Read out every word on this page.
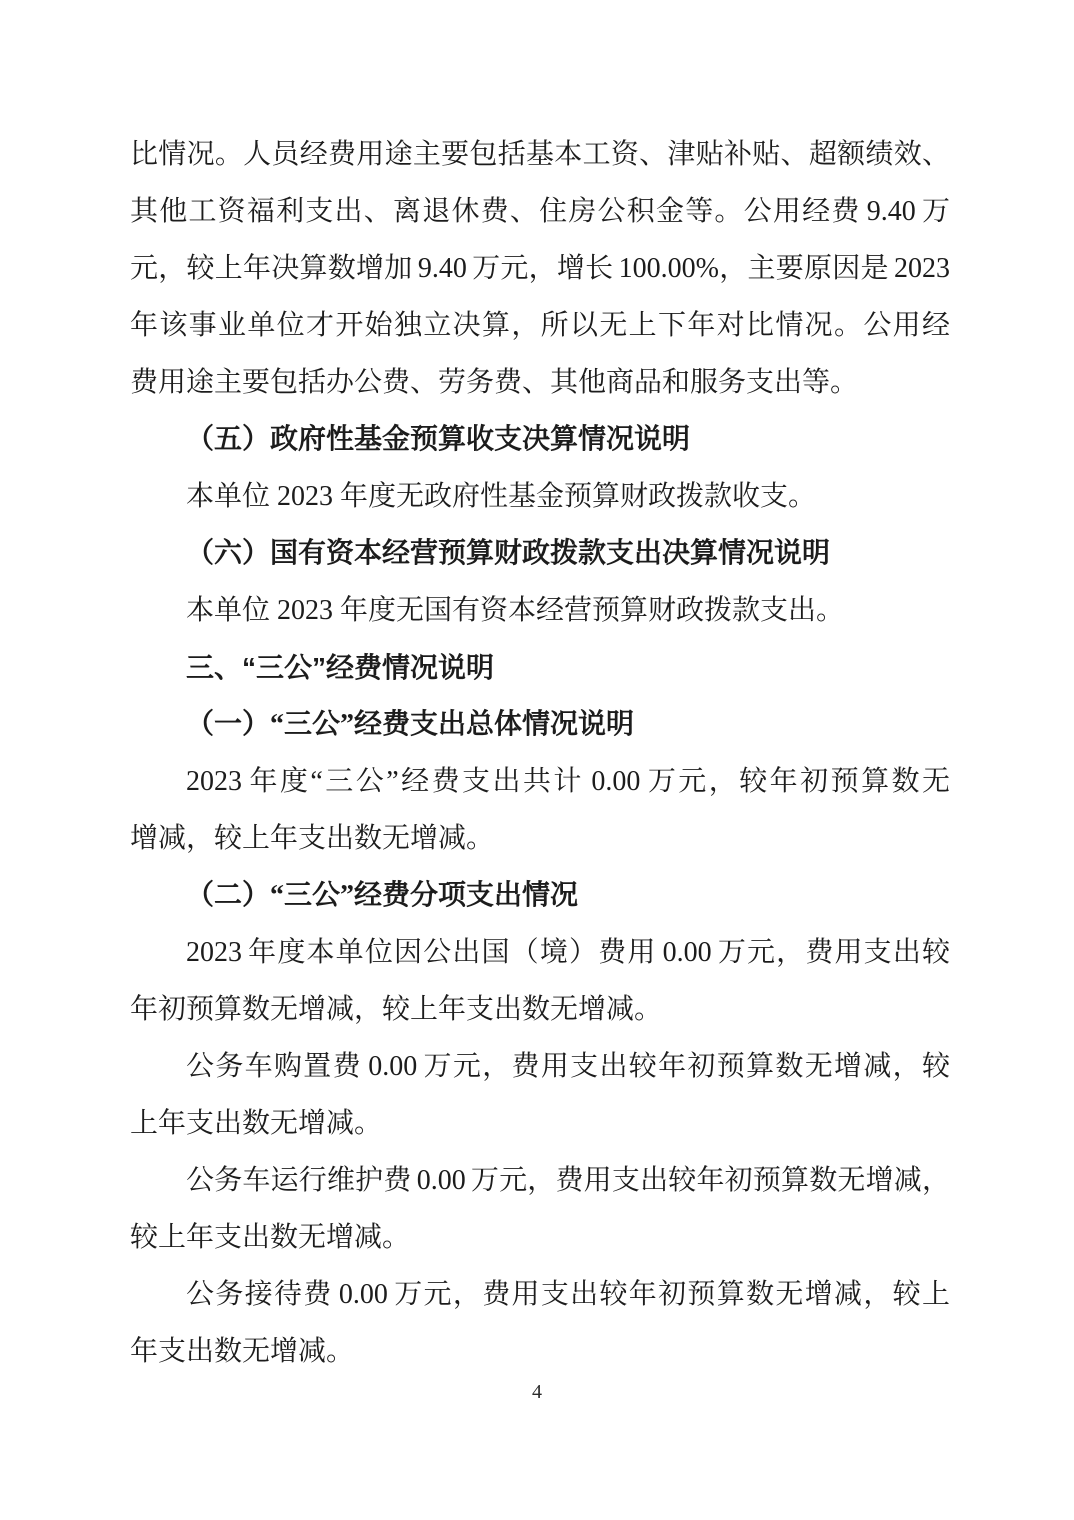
比情况。人员经费用途主要包括基本工资、津贴补贴、超额绩效、
其他工资福利支出、离退休费、住房公积金等。公用经费 9.40 万
元，较上年决算数增加 9.40 万元，增长 100.00%，主要原因是 2023
年该事业单位才开始独立决算，所以无上下年对比情况。公用经
费用途主要包括办公费、劳务费、其他商品和服务支出等。
（五）政府性基金预算收支决算情况说明
本单位 2023 年度无政府性基金预算财政拨款收支。
（六）国有资本经营预算财政拨款支出决算情况说明
本单位 2023 年度无国有资本经营预算财政拨款支出。
三、“三公”经费情况说明
（一）“三公”经费支出总体情况说明
2023 年度“三公”经费支出共计 0.00 万元，较年初预算数无
增减，较上年支出数无增减。
（二）“三公”经费分项支出情况
2023 年度本单位因公出国（境）费用 0.00 万元，费用支出较
年初预算数无增减，较上年支出数无增减。
公务车购置费 0.00 万元，费用支出较年初预算数无增减，较
上年支出数无增减。
公务车运行维护费 0.00 万元，费用支出较年初预算数无增减，
较上年支出数无增减。
公务接待费 0.00 万元，费用支出较年初预算数无增减，较上
年支出数无增减。
4
